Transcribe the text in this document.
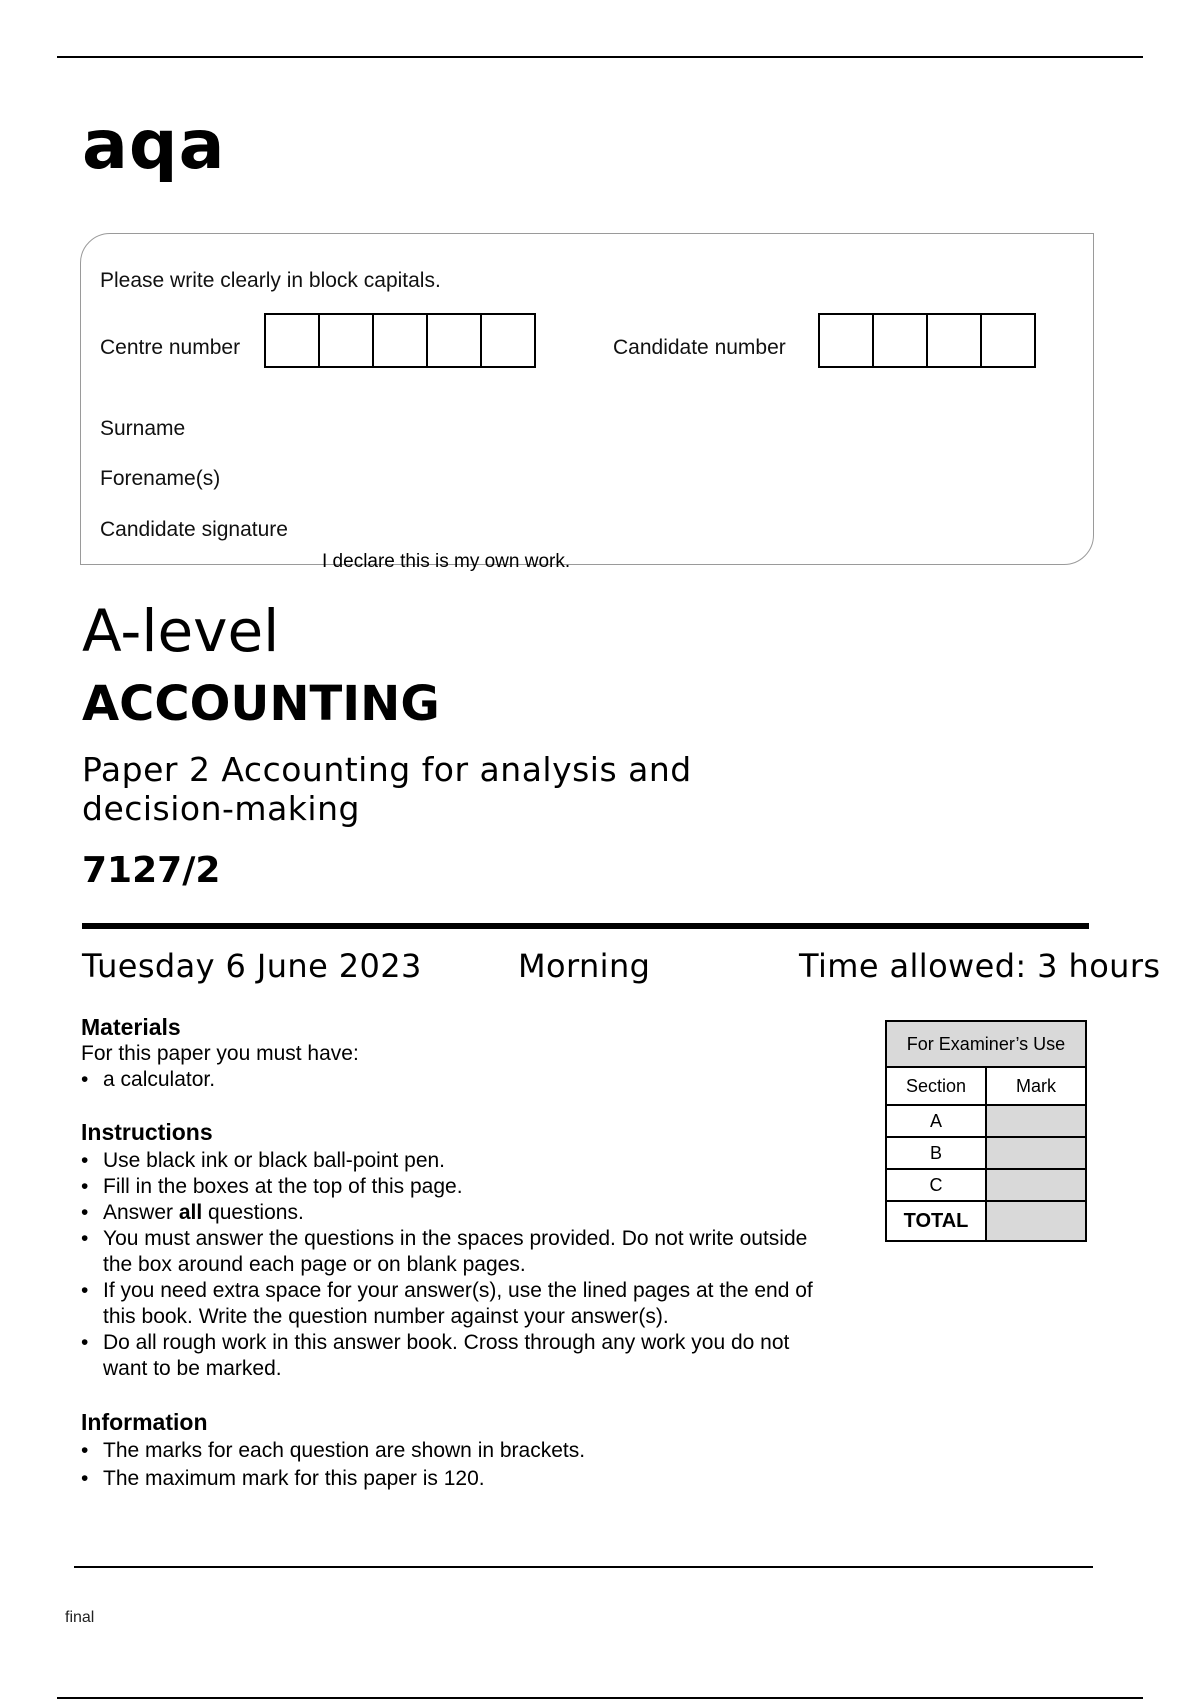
aqa
Please write clearly in block capitals.
Centre number	Candidate number
Surname
Forename(s)
Candidate signature
I declare this is my own work.
A-level
ACCOUNTING
Paper 2 Accounting for analysis and decision-making
7127/2
Tuesday 6 June 2023	Morning	Time allowed: 3 hours
Materials
For this paper you must have:
• a calculator.
Instructions
• Use black ink or black ball-point pen.
• Fill in the boxes at the top of this page.
• Answer all questions.
• You must answer the questions in the spaces provided. Do not write outside the box around each page or on blank pages.
• If you need extra space for your answer(s), use the lined pages at the end of this book. Write the question number against your answer(s).
• Do all rough work in this answer book. Cross through any work you do not want to be marked.
Information
• The marks for each question are shown in brackets.
• The maximum mark for this paper is 120.
For Examiner’s Use	
Section	Mark
A	
B	
C	
TOTAL	
final
